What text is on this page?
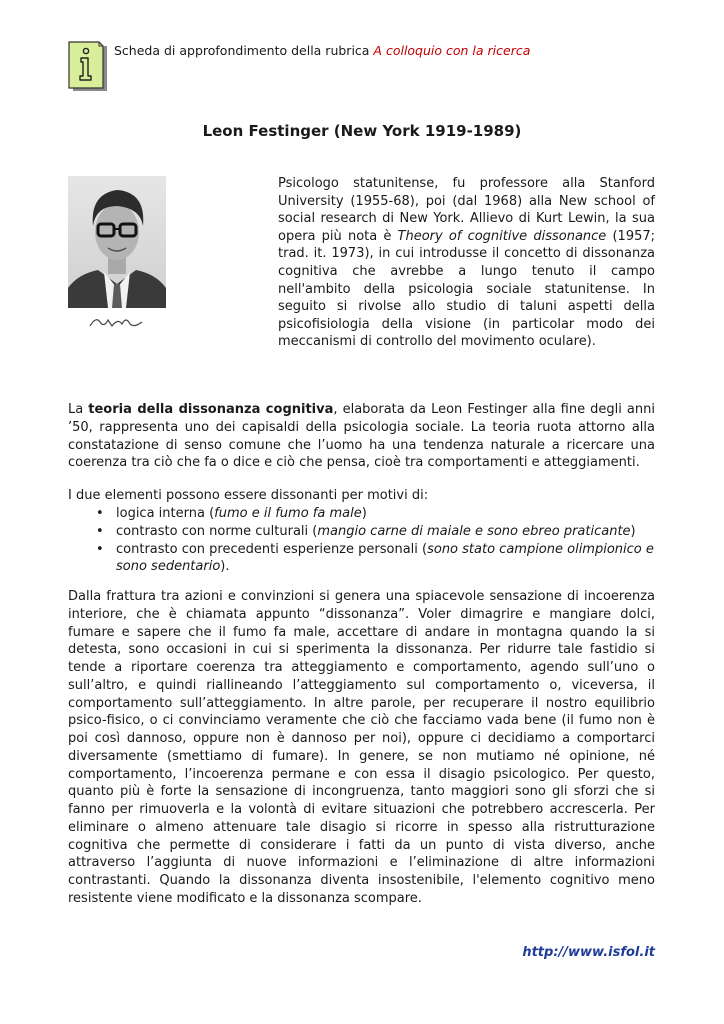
Scheda di approfondimento della rubrica A colloquio con la ricerca
Leon Festinger (New York 1919-1989)

Psicologo statunitense, fu professore alla Stanford University (1955-68), poi (dal 1968) alla New school of social research di New York. Allievo di Kurt Lewin, la sua opera più nota è Theory of cognitive dissonance (1957; trad. it. 1973), in cui introdusse il concetto di dissonanza cognitiva che avrebbe a lungo tenuto il campo nell'ambito della psicologia sociale statunitense. In seguito si rivolse allo studio di taluni aspetti della psicofisiologia della visione (in particolar modo dei meccanismi di controllo del movimento oculare).

La teoria della dissonanza cognitiva, elaborata da Leon Festinger alla fine degli anni ’50, rappresenta uno dei capisaldi della psicologia sociale. La teoria ruota attorno alla constatazione di senso comune che l’uomo ha una tendenza naturale a ricercare una coerenza tra ciò che fa o dice e ciò che pensa, cioè tra comportamenti e atteggiamenti.

I due elementi possono essere dissonanti per motivi di:

• logica interna (fumo e il fumo fa male)
• contrasto con norme culturali (mangio carne di maiale e sono ebreo praticante)
• contrasto con precedenti esperienze personali (sono stato campione olimpionico e sono sedentario).

Dalla frattura tra azioni e convinzioni si genera una spiacevole sensazione di incoerenza interiore, che è chiamata appunto “dissonanza”. Voler dimagrire e mangiare dolci, fumare e sapere che il fumo fa male, accettare di andare in montagna quando la si detesta, sono occasioni in cui si sperimenta la dissonanza. Per ridurre tale fastidio si tende a riportare coerenza tra atteggiamento e comportamento, agendo sull’uno o sull’altro, e quindi riallineando l’atteggiamento sul comportamento o, viceversa, il comportamento sull’atteggiamento. In altre parole, per recuperare il nostro equilibrio psico-fisico, o ci convinciamo veramente che ciò che facciamo vada bene (il fumo non è poi così dannoso, oppure non è dannoso per noi), oppure ci decidiamo a comportarci diversamente (smettiamo di fumare). In genere, se non mutiamo né opinione, né comportamento, l’incoerenza permane e con essa il disagio psicologico. Per questo, quanto più è forte la sensazione di incongruenza, tanto maggiori sono gli sforzi che si fanno per rimuoverla e la volontà di evitare situazioni che potrebbero accrescerla. Per eliminare o almeno attenuare tale disagio si ricorre in spesso alla ristrutturazione cognitiva che permette di considerare i fatti da un punto di vista diverso, anche attraverso l’aggiunta di nuove informazioni e l’eliminazione di altre informazioni contrastanti. Quando la dissonanza diventa insostenibile, l'elemento cognitivo meno resistente viene modificato e la dissonanza scompare.

http://www.isfol.it
